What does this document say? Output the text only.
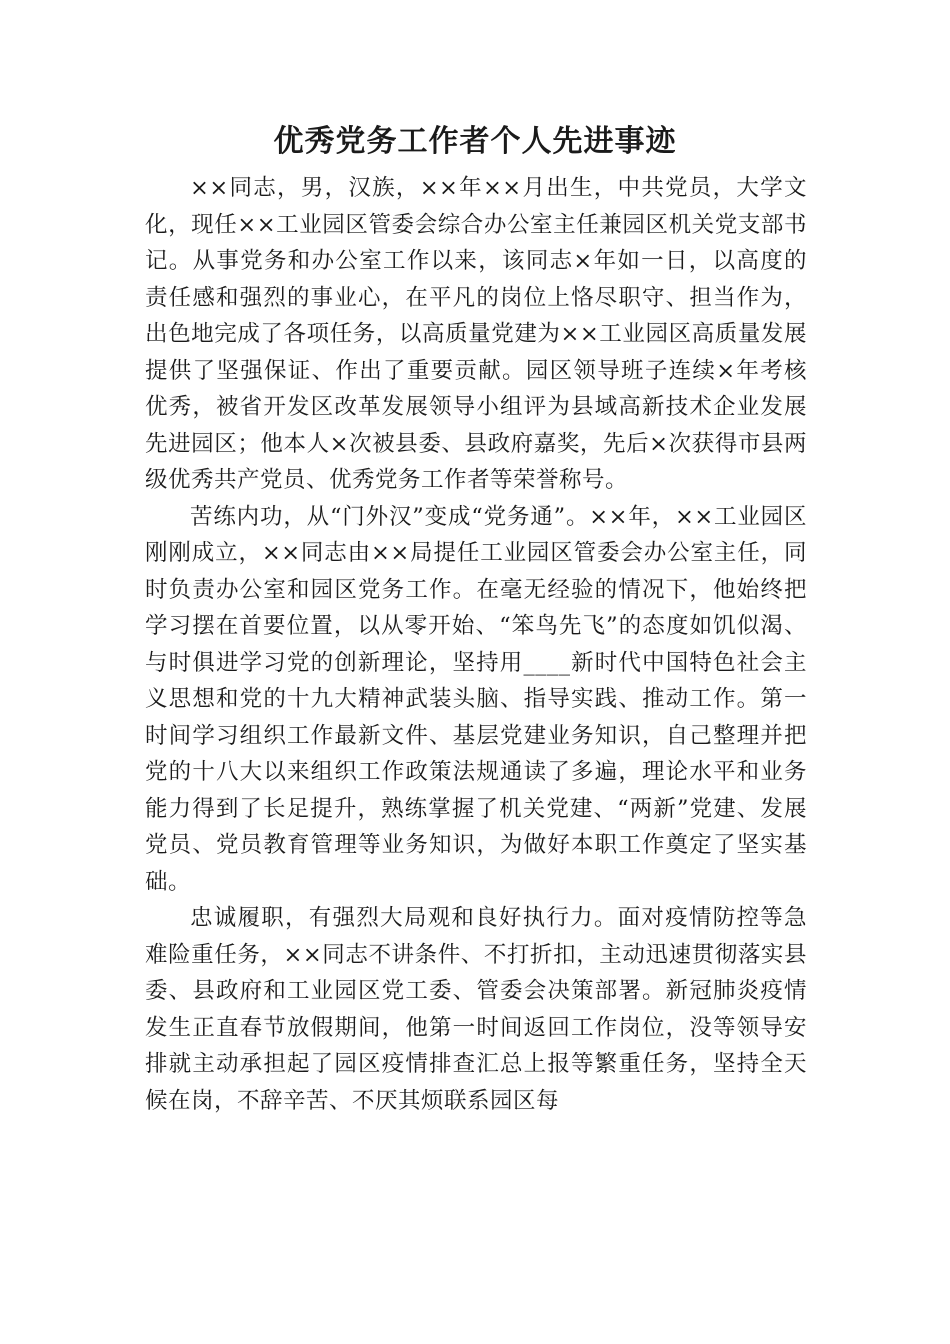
优秀党务工作者个人先进事迹

××同志，男，汉族，××年××月出生，中共党员，大学文化，现任××工业园区管委会综合办公室主任兼园区机关党支部书记。从事党务和办公室工作以来，该同志×年如一日，以高度的责任感和强烈的事业心，在平凡的岗位上恪尽职守、担当作为，出色地完成了各项任务，以高质量党建为××工业园区高质量发展提供了坚强保证、作出了重要贡献。园区领导班子连续×年考核优秀，被省开发区改革发展领导小组评为县域高新技术企业发展先进园区；他本人×次被县委、县政府嘉奖，先后×次获得市县两级优秀共产党员、优秀党务工作者等荣誉称号。

苦练内功，从“门外汉”变成“党务通”。××年，××工业园区刚刚成立，××同志由××局提任工业园区管委会办公室主任，同时负责办公室和园区党务工作。在毫无经验的情况下，他始终把学习摆在首要位置，以从零开始、“笨鸟先飞”的态度如饥似渴、与时俱进学习党的创新理论，坚持用____新时代中国特色社会主义思想和党的十九大精神武装头脑、指导实践、推动工作。第一时间学习组织工作最新文件、基层党建业务知识，自己整理并把党的十八大以来组织工作政策法规通读了多遍，理论水平和业务能力得到了长足提升，熟练掌握了机关党建、“两新”党建、发展党员、党员教育管理等业务知识，为做好本职工作奠定了坚实基础。

忠诚履职，有强烈大局观和良好执行力。面对疫情防控等急难险重任务，××同志不讲条件、不打折扣，主动迅速贯彻落实县委、县政府和工业园区党工委、管委会决策部署。新冠肺炎疫情发生正直春节放假期间，他第一时间返回工作岗位，没等领导安排就主动承担起了园区疫情排查汇总上报等繁重任务，坚持全天候在岗，不辞辛苦、不厌其烦联系园区每
